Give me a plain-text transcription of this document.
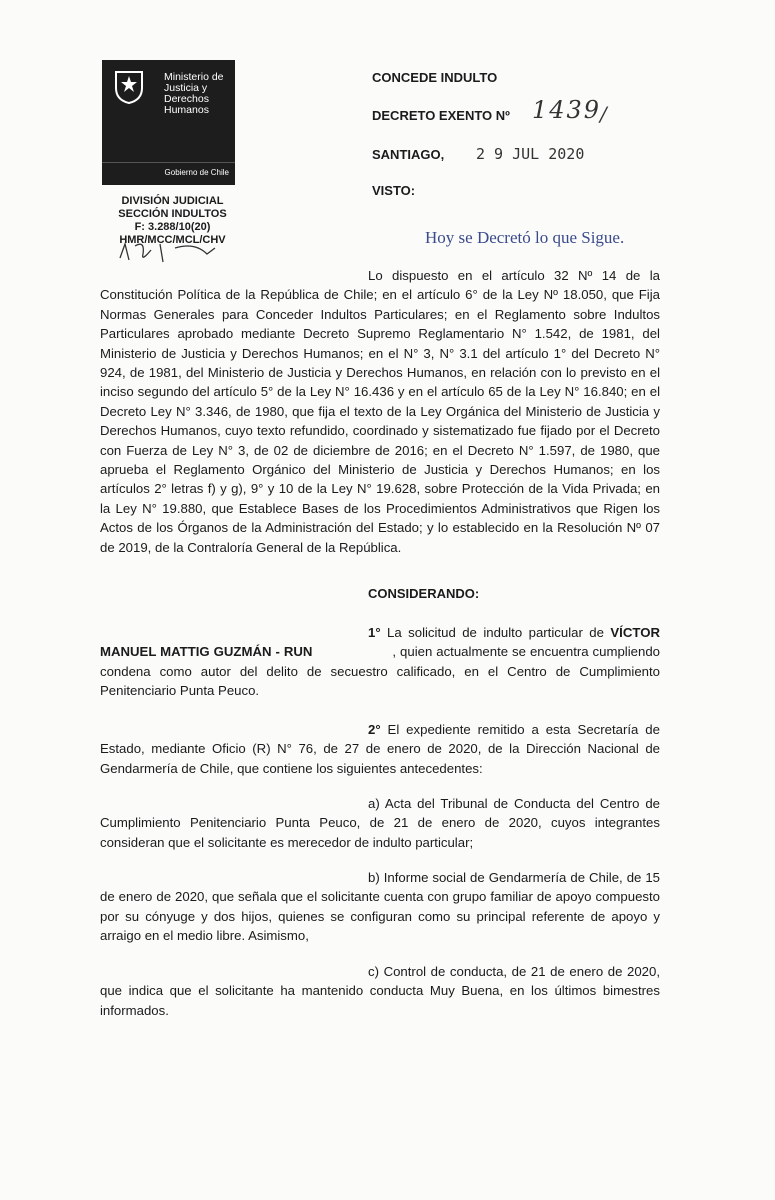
Ministerio de
Justicia y
Derechos
Humanos
Gobierno de Chile
DIVISIÓN JUDICIAL
SECCIÓN INDULTOS
F: 3.288/10(20)
HMR/MCC/MCL/CHV
CONCEDE INDULTO
DECRETO EXENTO Nº 1439
/
SANTIAGO, 2 9 JUL 2020
VISTO:
Hoy se Decretó lo que Sigue.
Lo dispuesto en el artículo 32 Nº 14 de la Constitución Política de la República de Chile; en el artículo 6° de la Ley Nº 18.050, que Fija Normas Generales para Conceder Indultos Particulares; en el Reglamento sobre Indultos Particulares aprobado mediante Decreto Supremo Reglamentario N° 1.542, de 1981, del Ministerio de Justicia y Derechos Humanos; en el N° 3, N° 3.1 del artículo 1° del Decreto N° 924, de 1981, del Ministerio de Justicia y Derechos Humanos, en relación con lo previsto en el inciso segundo del artículo 5° de la Ley N° 16.436 y en el artículo 65 de la Ley N° 16.840; en el Decreto Ley N° 3.346, de 1980, que fija el texto de la Ley Orgánica del Ministerio de Justicia y Derechos Humanos, cuyo texto refundido, coordinado y sistematizado fue fijado por el Decreto con Fuerza de Ley N° 3, de 02 de diciembre de 2016; en el Decreto N° 1.597, de 1980, que aprueba el Reglamento Orgánico del Ministerio de Justicia y Derechos Humanos; en los artículos 2° letras f) y g), 9° y 10 de la Ley N° 19.628, sobre Protección de la Vida Privada; en la Ley N° 19.880, que Establece Bases de los Procedimientos Administrativos que Rigen los Actos de los Órganos de la Administración del Estado; y lo establecido en la Resolución Nº 07 de 2019, de la Contraloría General de la República.
CONSIDERANDO:
1° La solicitud de indulto particular de VÍCTOR MANUEL MATTIG GUZMÁN - RUN	, quien actualmente se encuentra cumpliendo condena como autor del delito de secuestro calificado, en el Centro de Cumplimiento Penitenciario Punta Peuco.
2° El expediente remitido a esta Secretaría de Estado, mediante Oficio (R) N° 76, de 27 de enero de 2020, de la Dirección Nacional de Gendarmería de Chile, que contiene los siguientes antecedentes:
a) Acta del Tribunal de Conducta del Centro de Cumplimiento Penitenciario Punta Peuco, de 21 de enero de 2020, cuyos integrantes consideran que el solicitante es merecedor de indulto particular;
b) Informe social de Gendarmería de Chile, de 15 de enero de 2020, que señala que el solicitante cuenta con grupo familiar de apoyo compuesto por su cónyuge y dos hijos, quienes se configuran como su principal referente de apoyo y arraigo en el medio libre. Asimismo,
c) Control de conducta, de 21 de enero de 2020, que indica que el solicitante ha mantenido conducta Muy Buena, en los últimos bimestres informados.
